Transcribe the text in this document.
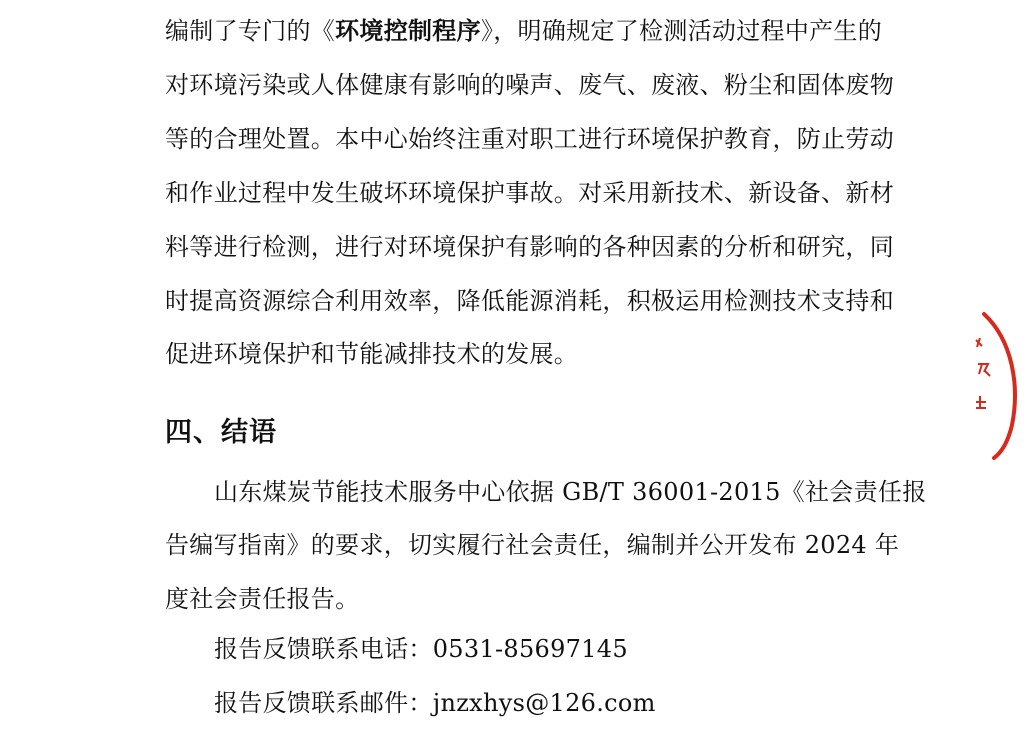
编制了专门的《环境控制程序》，明确规定了检测活动过程中产生的
对环境污染或人体健康有影响的噪声、废气、废液、粉尘和固体废物
等的合理处置。本中心始终注重对职工进行环境保护教育，防止劳动
和作业过程中发生破坏环境保护事故。对采用新技术、新设备、新材
料等进行检测，进行对环境保护有影响的各种因素的分析和研究，同
时提高资源综合利用效率，降低能源消耗，积极运用检测技术支持和
促进环境保护和节能减排技术的发展。
四、结语
山东煤炭节能技术服务中心依据 GB/T 36001-2015《社会责任报
告编写指南》的要求，切实履行社会责任，编制并公开发布 2024 年
度社会责任报告。
报告反馈联系电话：0531-85697145
报告反馈联系邮件：jnzxhys@126.com
